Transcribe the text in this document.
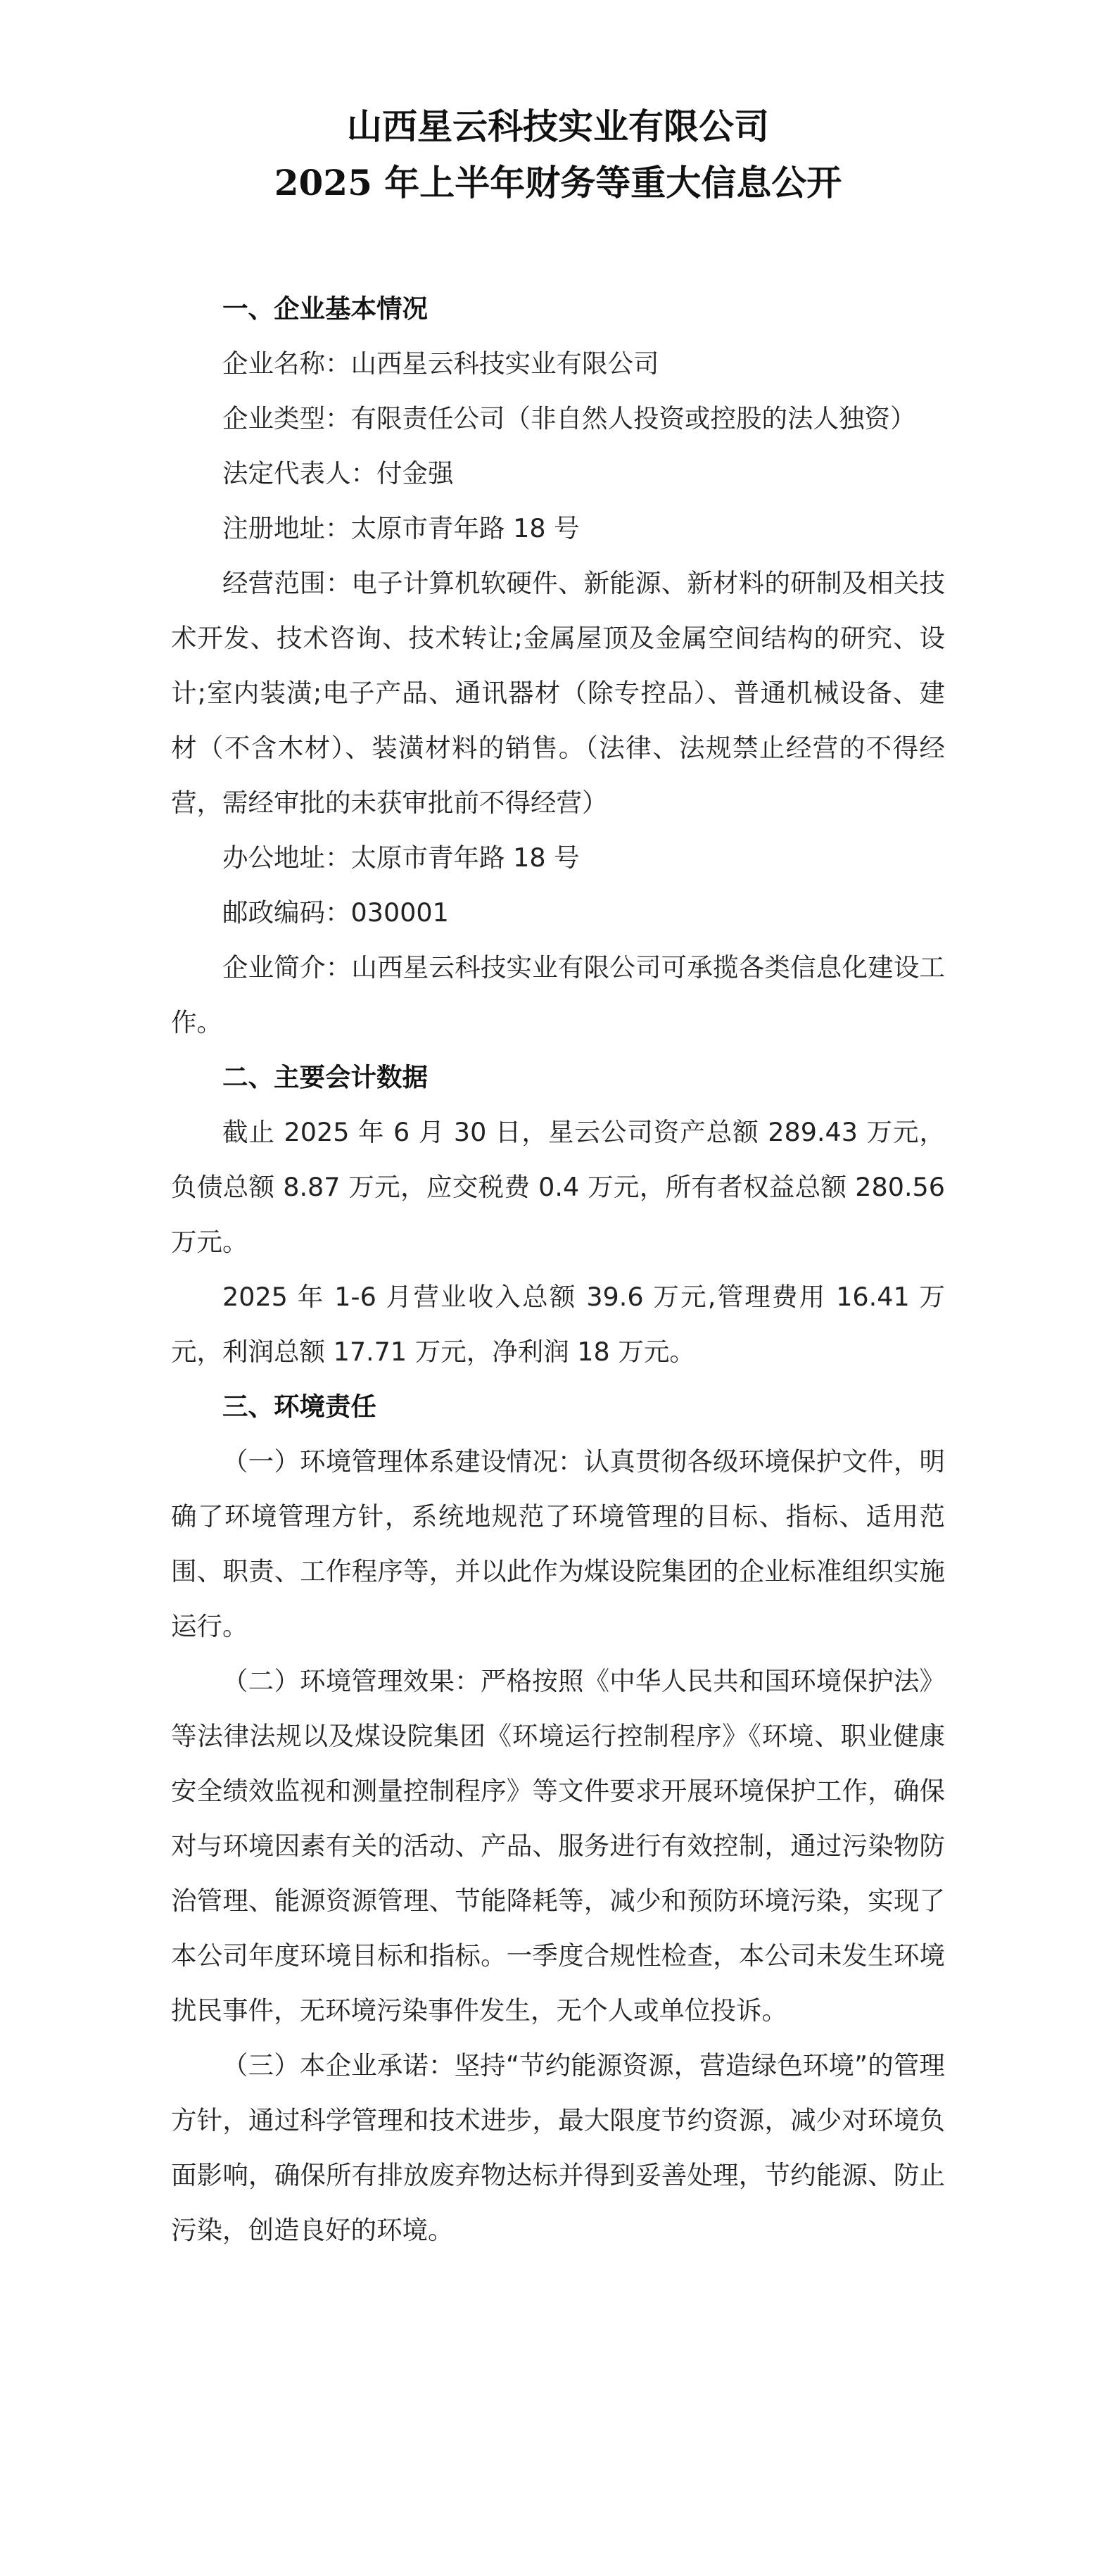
山西星云科技实业有限公司
2025 年上半年财务等重大信息公开

一、企业基本情况

企业名称：山西星云科技实业有限公司

企业类型：有限责任公司（非自然人投资或控股的法人独资）

法定代表人：付金强

注册地址：太原市青年路 18 号

经营范围：电子计算机软硬件、新能源、新材料的研制及相关技术开发、技术咨询、技术转让;金属屋顶及金属空间结构的研究、设计;室内装潢;电子产品、通讯器材（除专控品）、普通机械设备、建材（不含木材）、装潢材料的销售。（法律、法规禁止经营的不得经营，需经审批的未获审批前不得经营）

办公地址：太原市青年路 18 号

邮政编码：030001

企业简介：山西星云科技实业有限公司可承揽各类信息化建设工作。

二、主要会计数据

截止 2025 年 6 月 30 日，星云公司资产总额 289.43 万元，负债总额 8.87 万元，应交税费 0.4 万元，所有者权益总额 280.56 万元。

2025 年 1-6 月营业收入总额 39.6 万元,管理费用 16.41 万元，利润总额 17.71 万元，净利润 18 万元。

三、环境责任

（一）环境管理体系建设情况：认真贯彻各级环境保护文件，明确了环境管理方针，系统地规范了环境管理的目标、指标、适用范围、职责、工作程序等，并以此作为煤设院集团的企业标准组织实施运行。

（二）环境管理效果：严格按照《中华人民共和国环境保护法》等法律法规以及煤设院集团《环境运行控制程序》《环境、职业健康安全绩效监视和测量控制程序》等文件要求开展环境保护工作，确保对与环境因素有关的活动、产品、服务进行有效控制，通过污染物防治管理、能源资源管理、节能降耗等，减少和预防环境污染，实现了本公司年度环境目标和指标。一季度合规性检查，本公司未发生环境扰民事件，无环境污染事件发生，无个人或单位投诉。

（三）本企业承诺：坚持“节约能源资源，营造绿色环境”的管理方针，通过科学管理和技术进步，最大限度节约资源，减少对环境负面影响，确保所有排放废弃物达标并得到妥善处理，节约能源、防止污染，创造良好的环境。
